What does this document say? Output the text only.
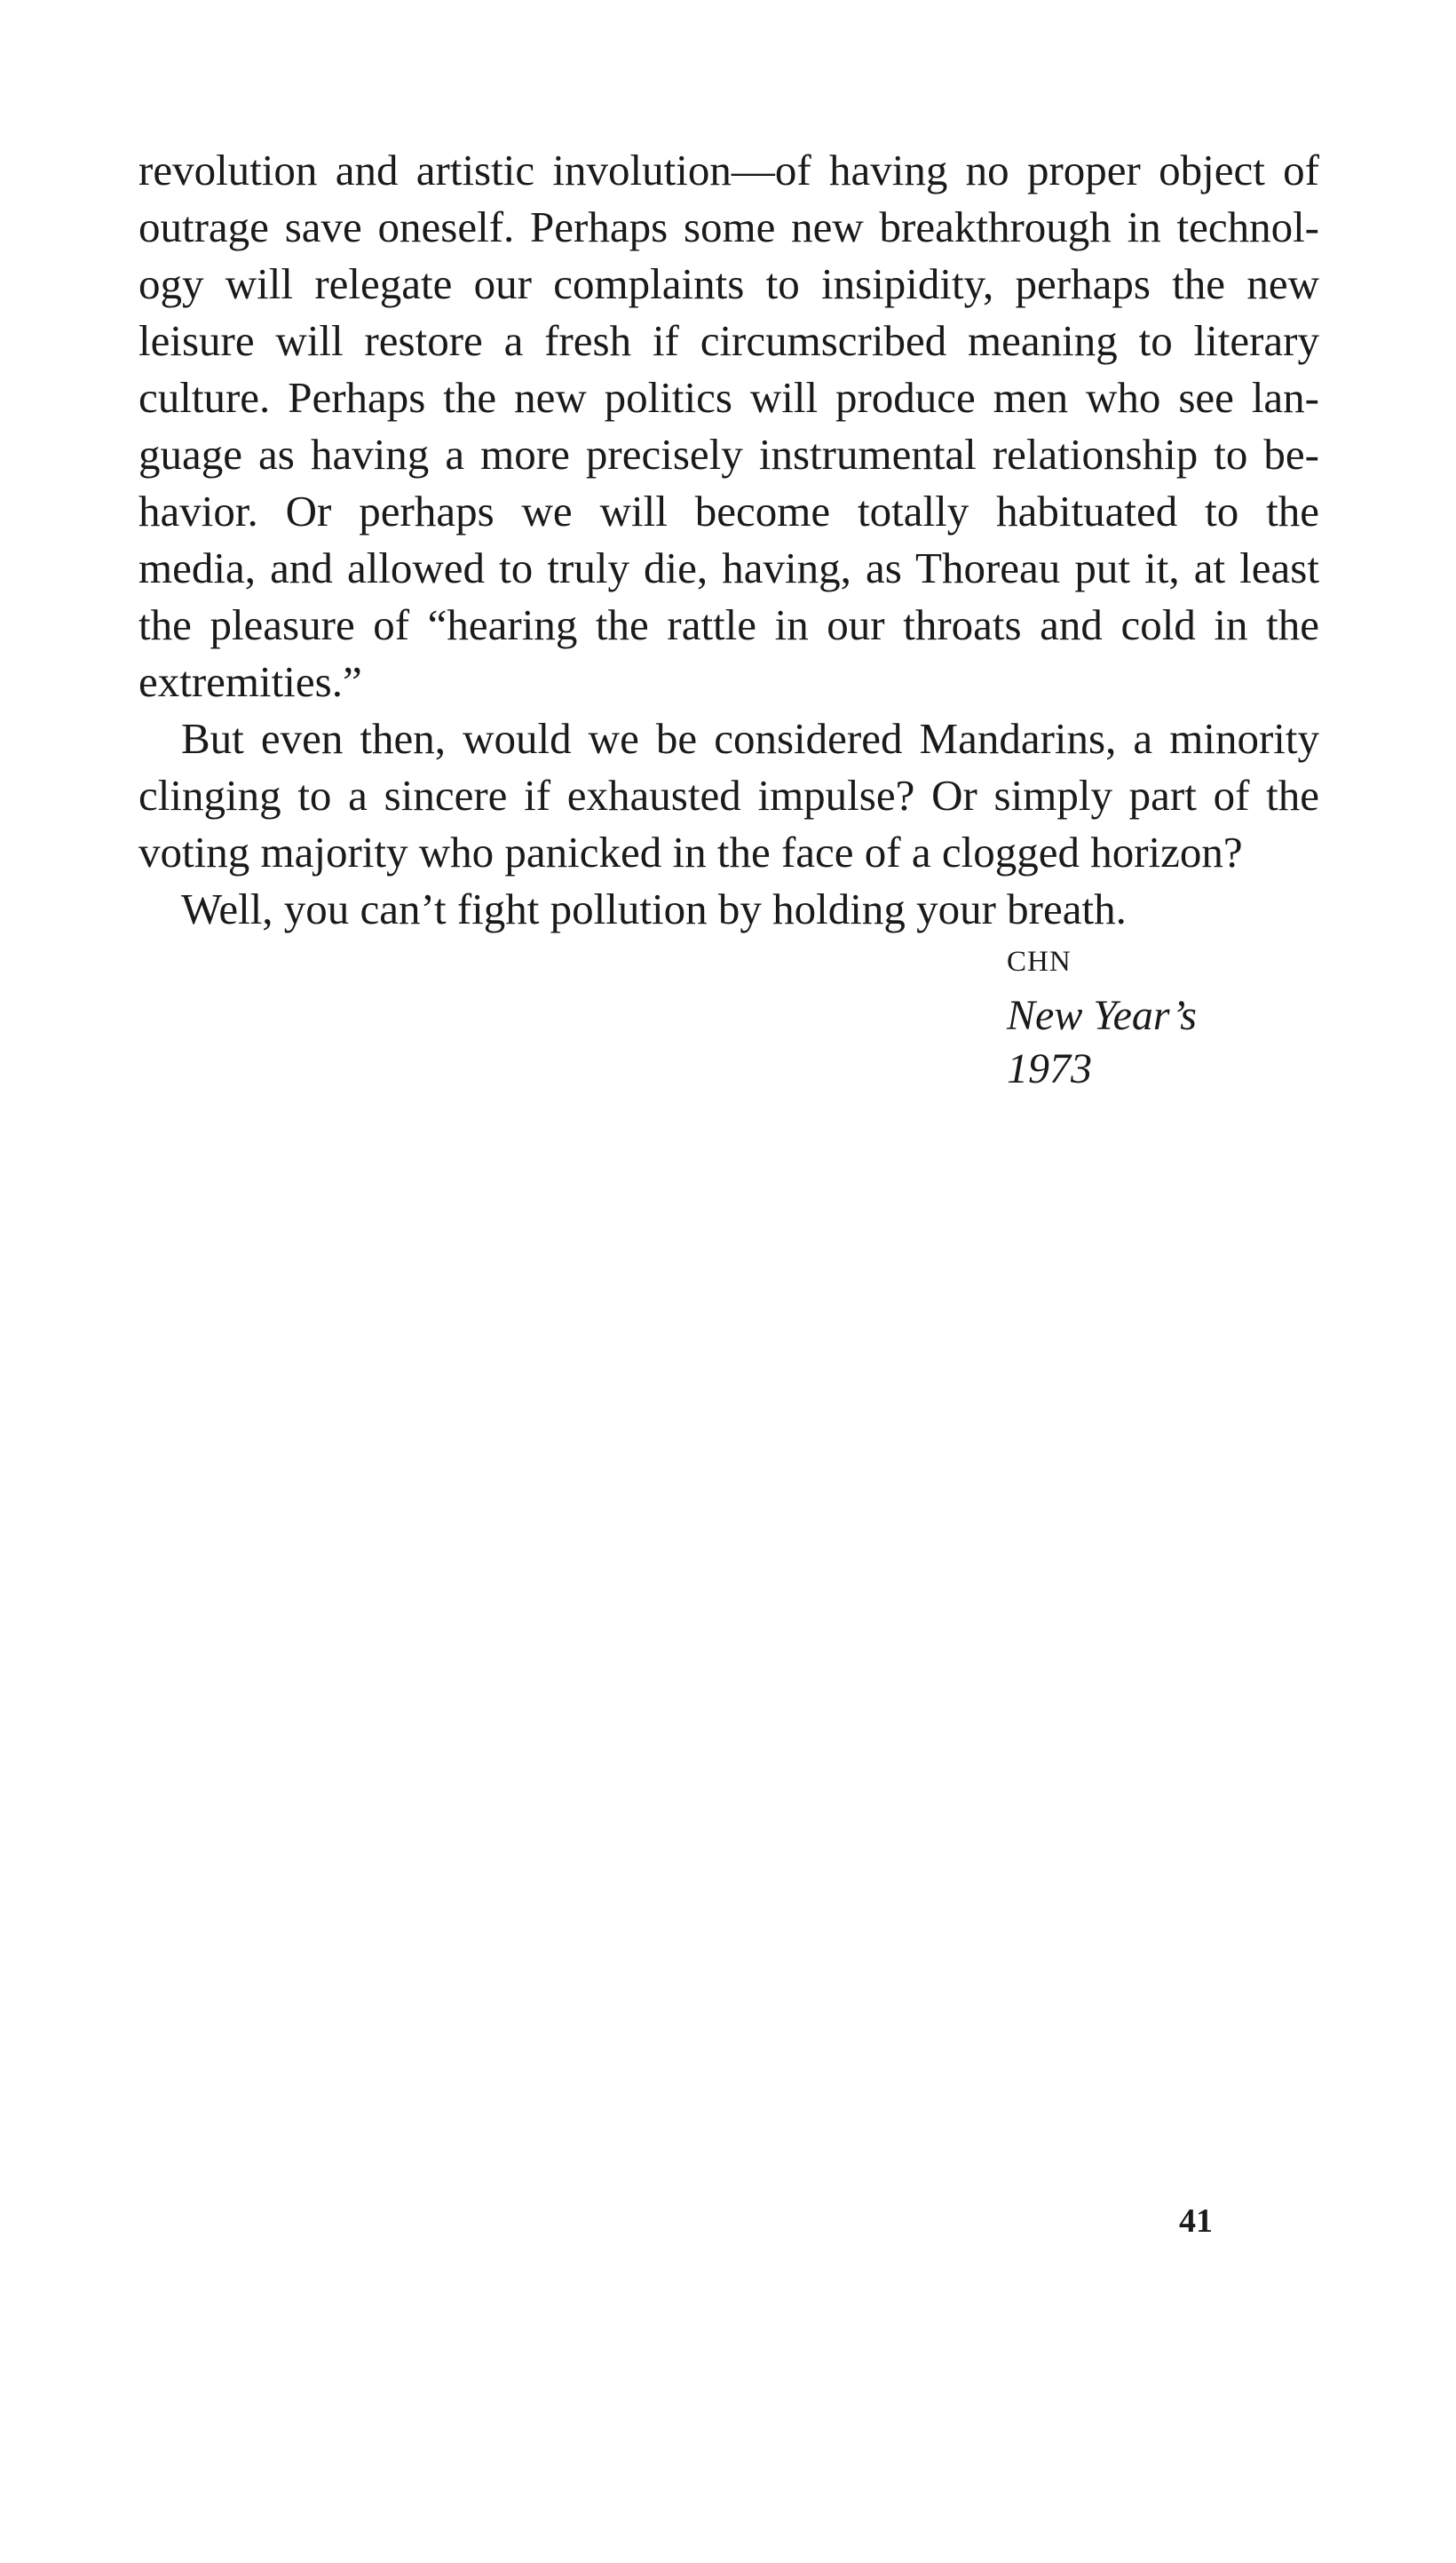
revolution and artistic involution—of having no proper object of
outrage save oneself. Perhaps some new breakthrough in technol-
ogy will relegate our complaints to insipidity, perhaps the new
leisure will restore a fresh if circumscribed meaning to literary
culture. Perhaps the new politics will produce men who see lan-
guage as having a more precisely instrumental relationship to be-
havior. Or perhaps we will become totally habituated to the
media, and allowed to truly die, having, as Thoreau put it, at least
the pleasure of “hearing the rattle in our throats and cold in the
extremities.”
But even then, would we be considered Mandarins, a minority
clinging to a sincere if exhausted impulse? Or simply part of the
voting majority who panicked in the face of a clogged horizon?
Well, you can’t fight pollution by holding your breath.
CHN
New Year’s
1973
41
